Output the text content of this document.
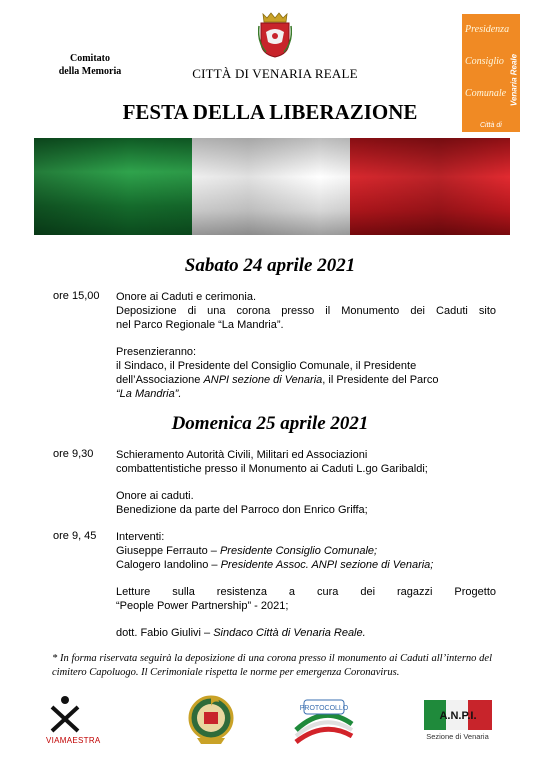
Comitato
della Memoria	CITTÀ DI VENARIA REALE
Presidenza
Consiglio
Comunale Venaria Reale
Città di
FESTA DELLA LIBERAZIONE
Sabato 24 aprile 2021
ore 15,00 Onore ai Caduti e cerimonia.
Deposizione di una corona presso il Monumento dei Caduti sito
nel Parco Regionale “La Mandria”.
Presenzieranno:
il Sindaco, il Presidente del Consiglio Comunale, il Presidente
dell’Associazione ANPI sezione di Venaria, il Presidente del Parco
“La Mandria”.
Domenica 25 aprile 2021
ore 9,30 Schieramento Autorità Civili, Militari ed Associazioni
combattentistiche presso il Monumento ai Caduti L.go Garibaldi;
Onore ai caduti.
Benedizione da parte del Parroco don Enrico Griffa;
ore 9, 45 Interventi:
Giuseppe Ferrauto – Presidente Consiglio Comunale;
Calogero Iandolino – Presidente Assoc. ANPI sezione di Venaria;
Letture sulla resistenza a cura dei ragazzi Progetto
“People Power Partnership” - 2021;
dott. Fabio Giulivi – Sindaco Città di Venaria Reale.
* In forma riservata seguirà la deposizione di una corona presso il monumento ai Caduti all’interno del cimitero Capoluogo. Il Cerimoniale rispetta le norme per emergenza Coronavirus.
VIAMAESTRA
PROTOCOLLO
A.N.P.I.
Sezione di Venaria
